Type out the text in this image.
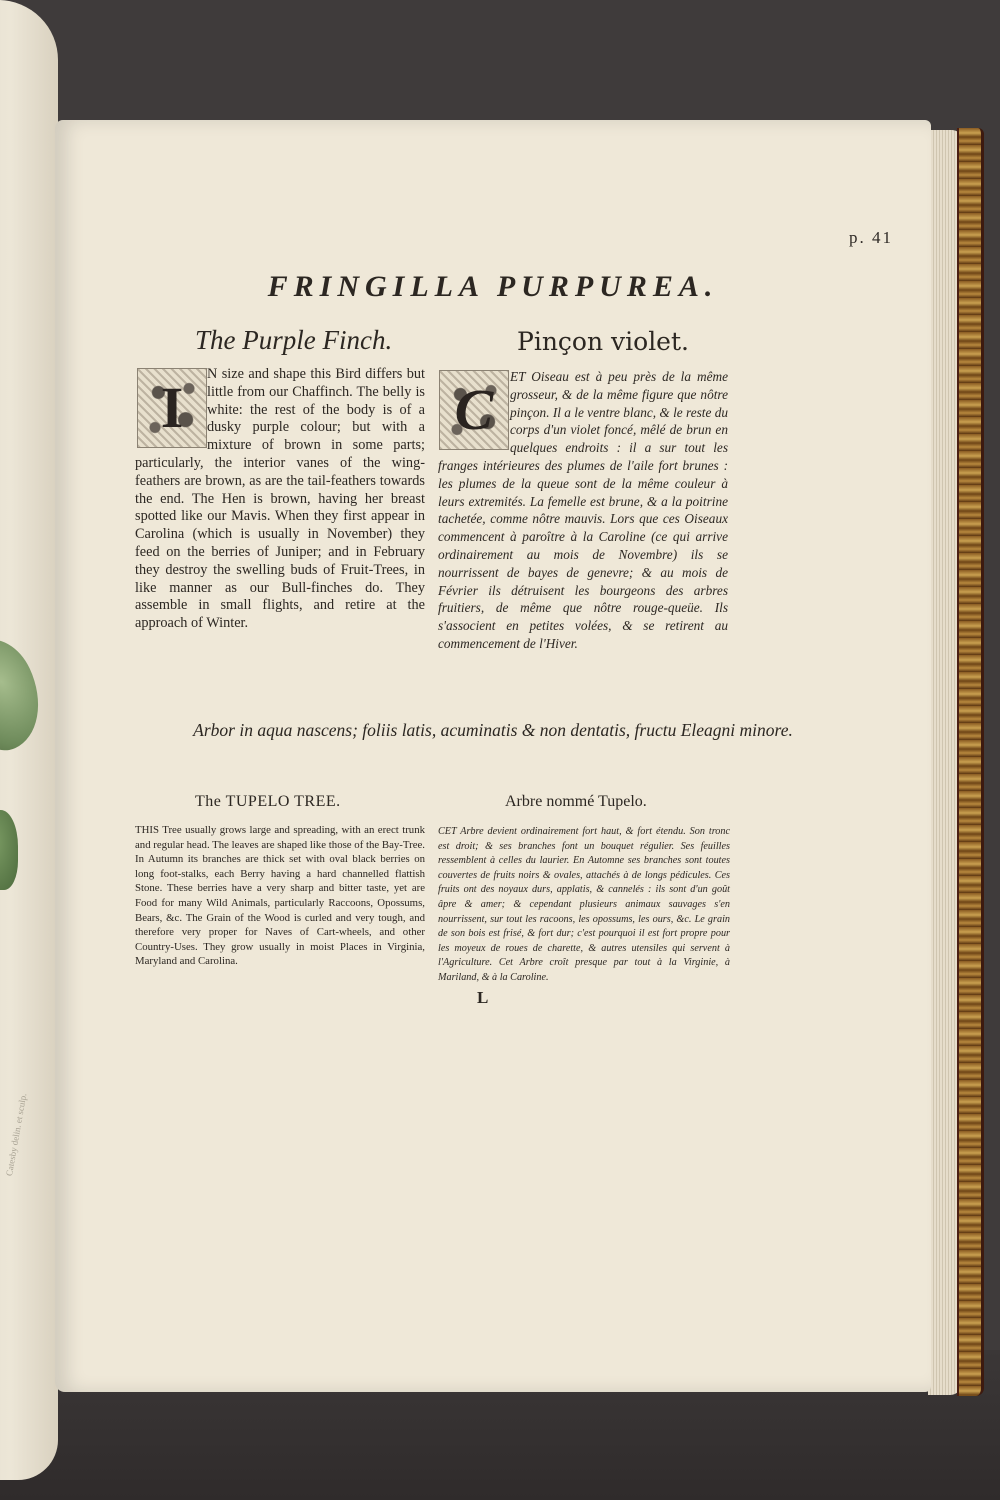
Catesby delin. et sculp.
p. 41
FRINGILLA PURPUREA.
The Purple Finch.	Pinçon violet.
N size and shape this Bird differs but little from our Chaffinch. The belly is white: the rest of the body is of a dusky purple colour; but with a mixture of brown in some parts; particularly, the interior vanes of the wing-feathers are brown, as are the tail-feathers towards the end. The Hen is brown, having her breast spotted like our Mavis. When they first appear in Carolina (which is usually in November) they feed on the berries of Juniper; and in February they destroy the swelling buds of Fruit-Trees, in like manner as our Bull-finches do. They assemble in small flights, and retire at the approach of Winter.
I	ET Oiseau est à peu près de la même grosseur, & de la même figure que nôtre pinçon. Il a le ventre blanc, & le reste du corps d'un violet foncé, mêlé de brun en quelques endroits : il a sur tout les franges intérieures des plumes de l'aile fort brunes : les plumes de la queue sont de la même couleur à leurs extremités. La femelle est brune, & a la poitrine tachetée, comme nôtre mauvis. Lors que ces Oiseaux commencent à paroître à la Caroline (ce qui arrive ordinairement au mois de Novembre) ils se nourrissent de bayes de genevre; & au mois de Février ils détruisent les bourgeons des arbres fruitiers, de même que nôtre rouge-queüe. Ils s'associent en petites volées, & se retirent au commencement de l'Hiver.
C
Arbor in aqua nascens; foliis latis, acuminatis & non dentatis, fructu Eleagni minore.
The TUPELO TREE.	Arbre nommé Tupelo.
THIS Tree usually grows large and spreading, with an erect trunk and regular head. The leaves are shaped like those of the Bay-Tree. In Autumn its branches are thick set with oval black berries on long foot-stalks, each Berry having a hard channelled flattish Stone. These berries have a very sharp and bitter taste, yet are Food for many Wild Animals, particularly Raccoons, Opossums, Bears, &c. The Grain of the Wood is curled and very tough, and therefore very proper for Naves of Cart-wheels, and other Country-Uses. They grow usually in moist Places in Virginia, Maryland and Carolina.
CET Arbre devient ordinairement fort haut, & fort étendu. Son tronc est droit; & ses branches font un bouquet régulier. Ses feuilles ressemblent à celles du laurier. En Automne ses branches sont toutes couvertes de fruits noirs & ovales, attachés à de longs pédicules. Ces fruits ont des noyaux durs, applatis, & cannelés : ils sont d'un goût âpre & amer; & cependant plusieurs animaux sauvages s'en nourrissent, sur tout les racoons, les opossums, les ours, &c. Le grain de son bois est frisé, & fort dur; c'est pourquoi il est fort propre pour les moyeux de roues de charette, & autres utensiles qui servent à l'Agriculture. Cet Arbre croît presque par tout à la Virginie, à Mariland, & à la Caroline.
L
